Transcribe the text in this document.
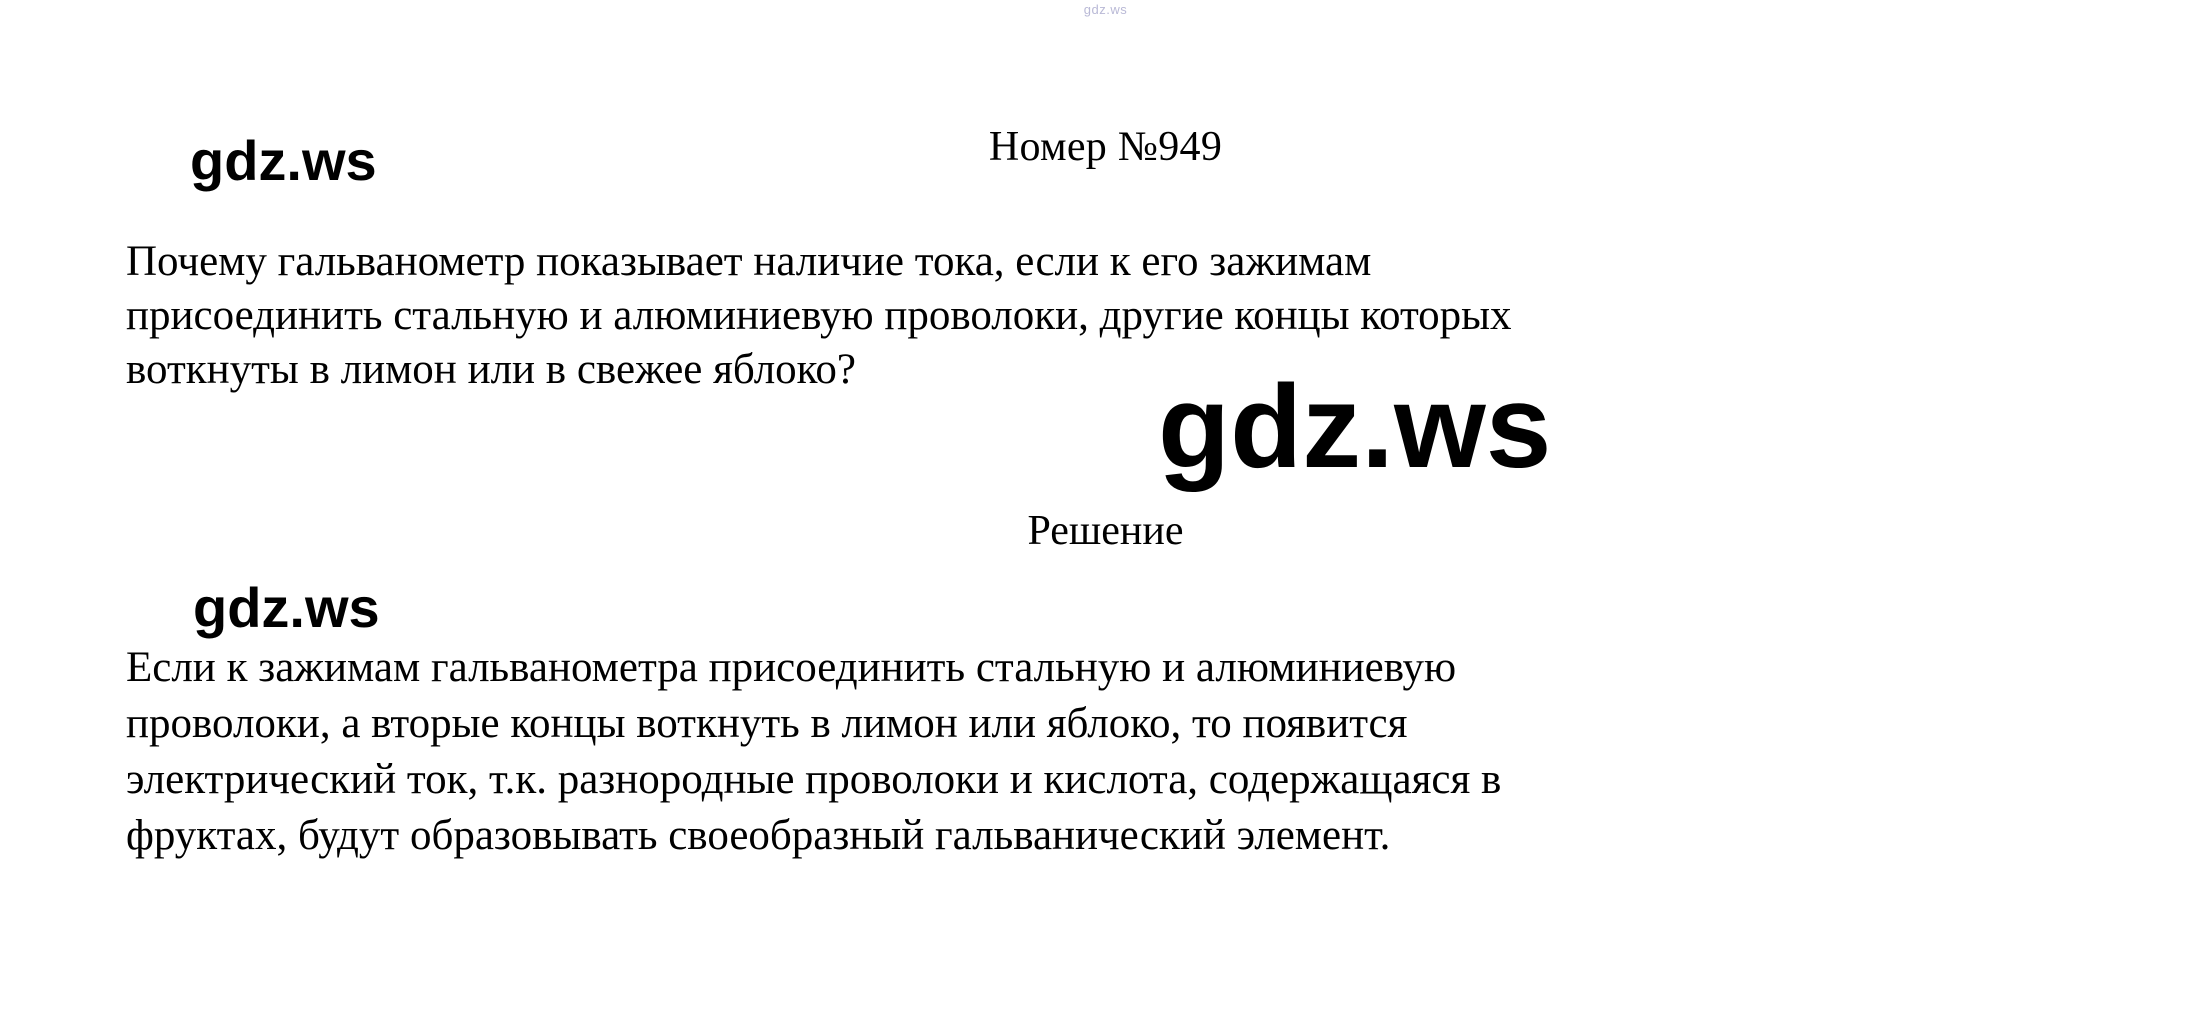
gdz.ws
Номер №949
gdz.ws
Почему гальванометр показывает наличие тока, если к его зажимам
присоединить стальную и алюминиевую проволоки, другие концы которых
воткнуты в лимон или в свежее яблоко?	gdz.ws
Решение
gdz.ws
Если к зажимам гальванометра присоединить стальную и алюминиевую
проволоки, а вторые концы воткнуть в лимон или яблоко, то появится
электрический ток, т.к. разнородные проволоки и кислота, содержащаяся в
фруктах, будут образовывать своеобразный гальванический элемент.
